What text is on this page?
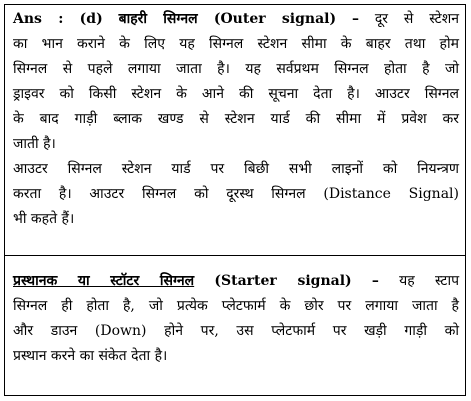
Ans : (d) बाहरी सिग्नल (Outer signal) – दूर से स्टेशन
का भान कराने के लिए यह सिग्नल स्टेशन सीमा के बाहर तथा होम
सिग्नल से पहले लगाया जाता है। यह सर्वप्रथम सिग्नल होता है जो
ड्राइवर को किसी स्टेशन के आने की सूचना देता है। आउटर सिग्नल
के बाद गाड़ी ब्लाक खण्ड से स्टेशन यार्ड की सीमा में प्रवेश कर
जाती है।
आउटर सिग्नल स्टेशन यार्ड पर बिछी सभी लाइनों को नियन्त्रण
करता है। आउटर सिग्नल को दूरस्थ सिग्नल (Distance Signal)
भी कहते हैं।
प्रस्थानक या स्टॉटर सिग्नल (Starter signal) – यह स्टाप
सिग्नल ही होता है, जो प्रत्येक प्लेटफार्म के छोर पर लगाया जाता है
और डाउन (Down) होने पर, उस प्लेटफार्म पर खड़ी गाड़ी को
प्रस्थान करने का संकेत देता है।
